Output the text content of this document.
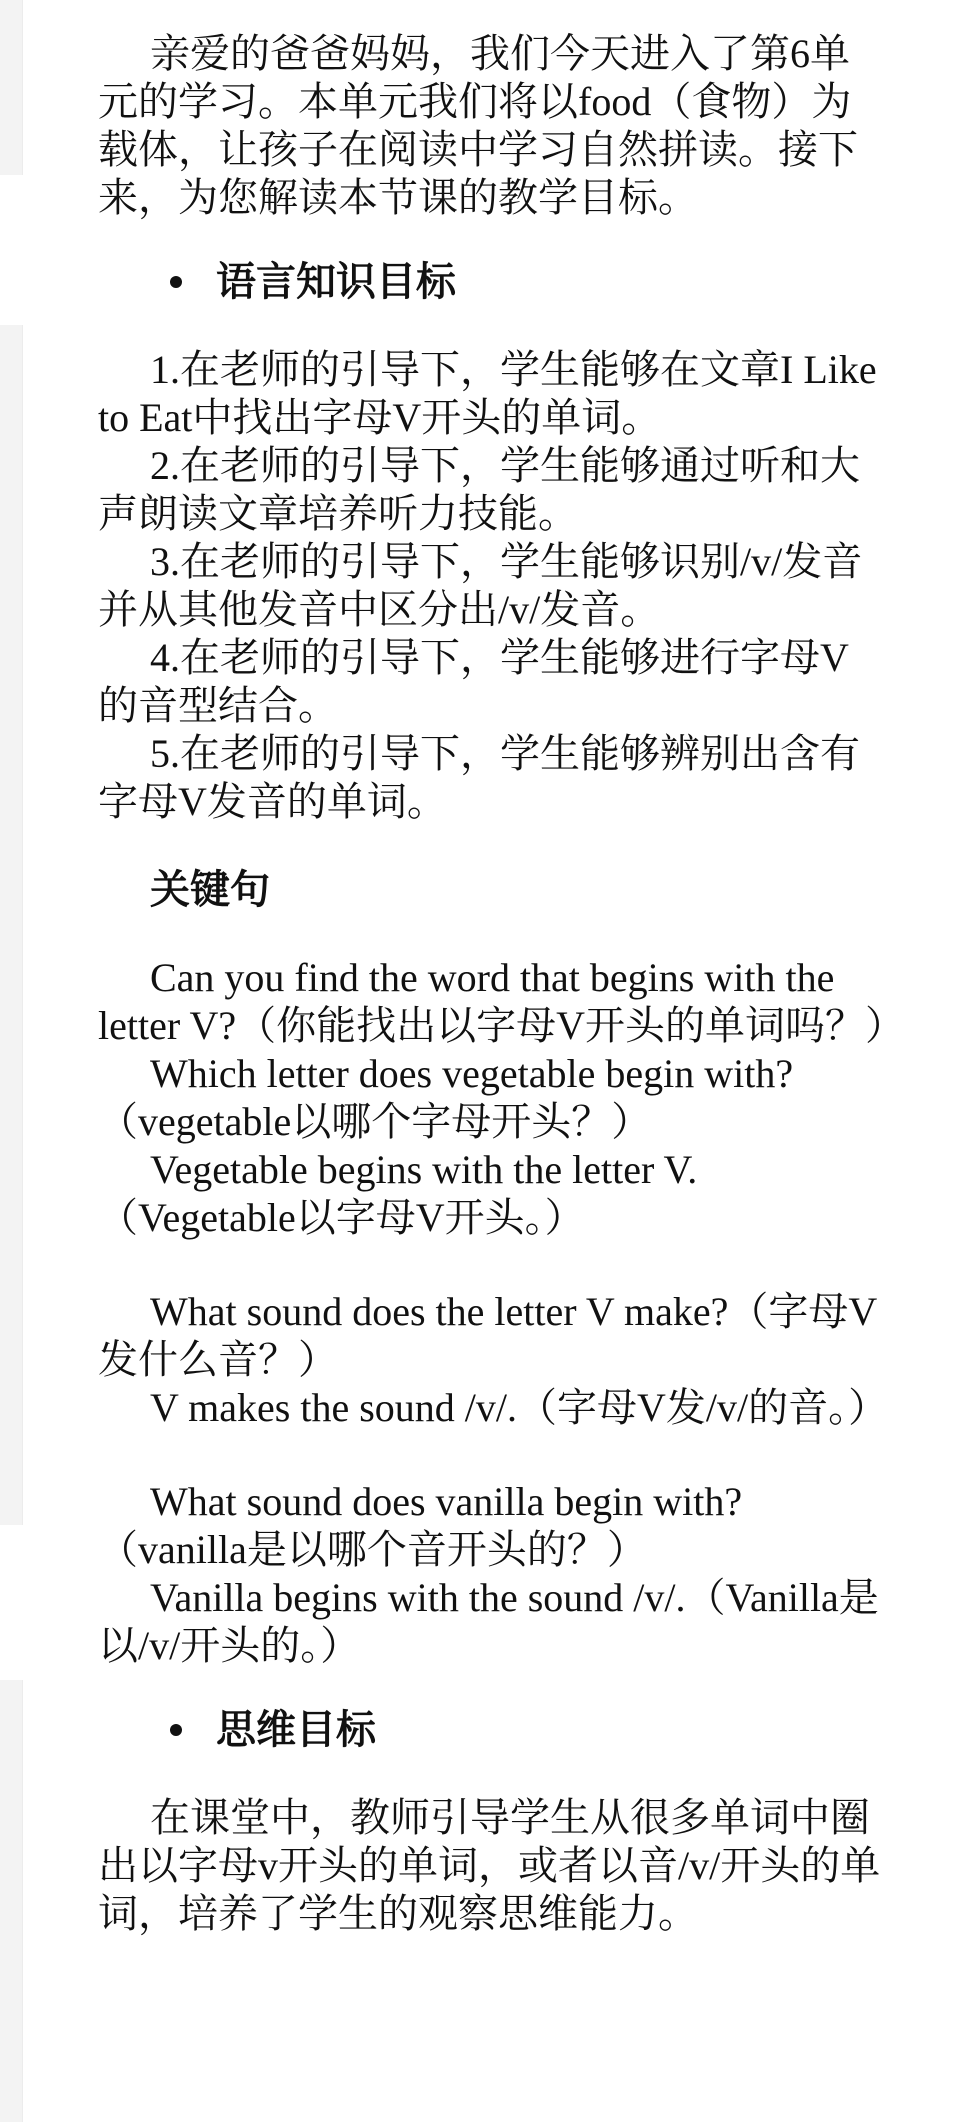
亲爱的爸爸妈妈，我们今天进入了第6单元的学习。本单元我们将以food（食物）为载体，让孩子在阅读中学习自然拼读。接下来，为您解读本节课的教学目标。

语言知识目标

1.在老师的引导下，学生能够在文章I Like to Eat中找出字母V开头的单词。

2.在老师的引导下，学生能够通过听和大声朗读文章培养听力技能。

3.在老师的引导下，学生能够识别/v/发音并从其他发音中区分出/v/发音。

4.在老师的引导下，学生能够进行字母V的音型结合。

5.在老师的引导下，学生能够辨别出含有字母V发音的单词。

关键句

Can you find the word that begins with the letter V?（你能找出以字母V开头的单词吗？）

Which letter does vegetable begin with?（vegetable以哪个字母开头？）

Vegetable begins with the letter V.（Vegetable以字母V开头。）

What sound does the letter V make?（字母V发什么音？）

V makes the sound /v/.（字母V发/v/的音。）

What sound does vanilla begin with?（vanilla是以哪个音开头的？）

Vanilla begins with the sound /v/.（Vanilla是以/v/开头的。）

思维目标

在课堂中，教师引导学生从很多单词中圈出以字母v开头的单词，或者以音/v/开头的单词，培养了学生的观察思维能力。
